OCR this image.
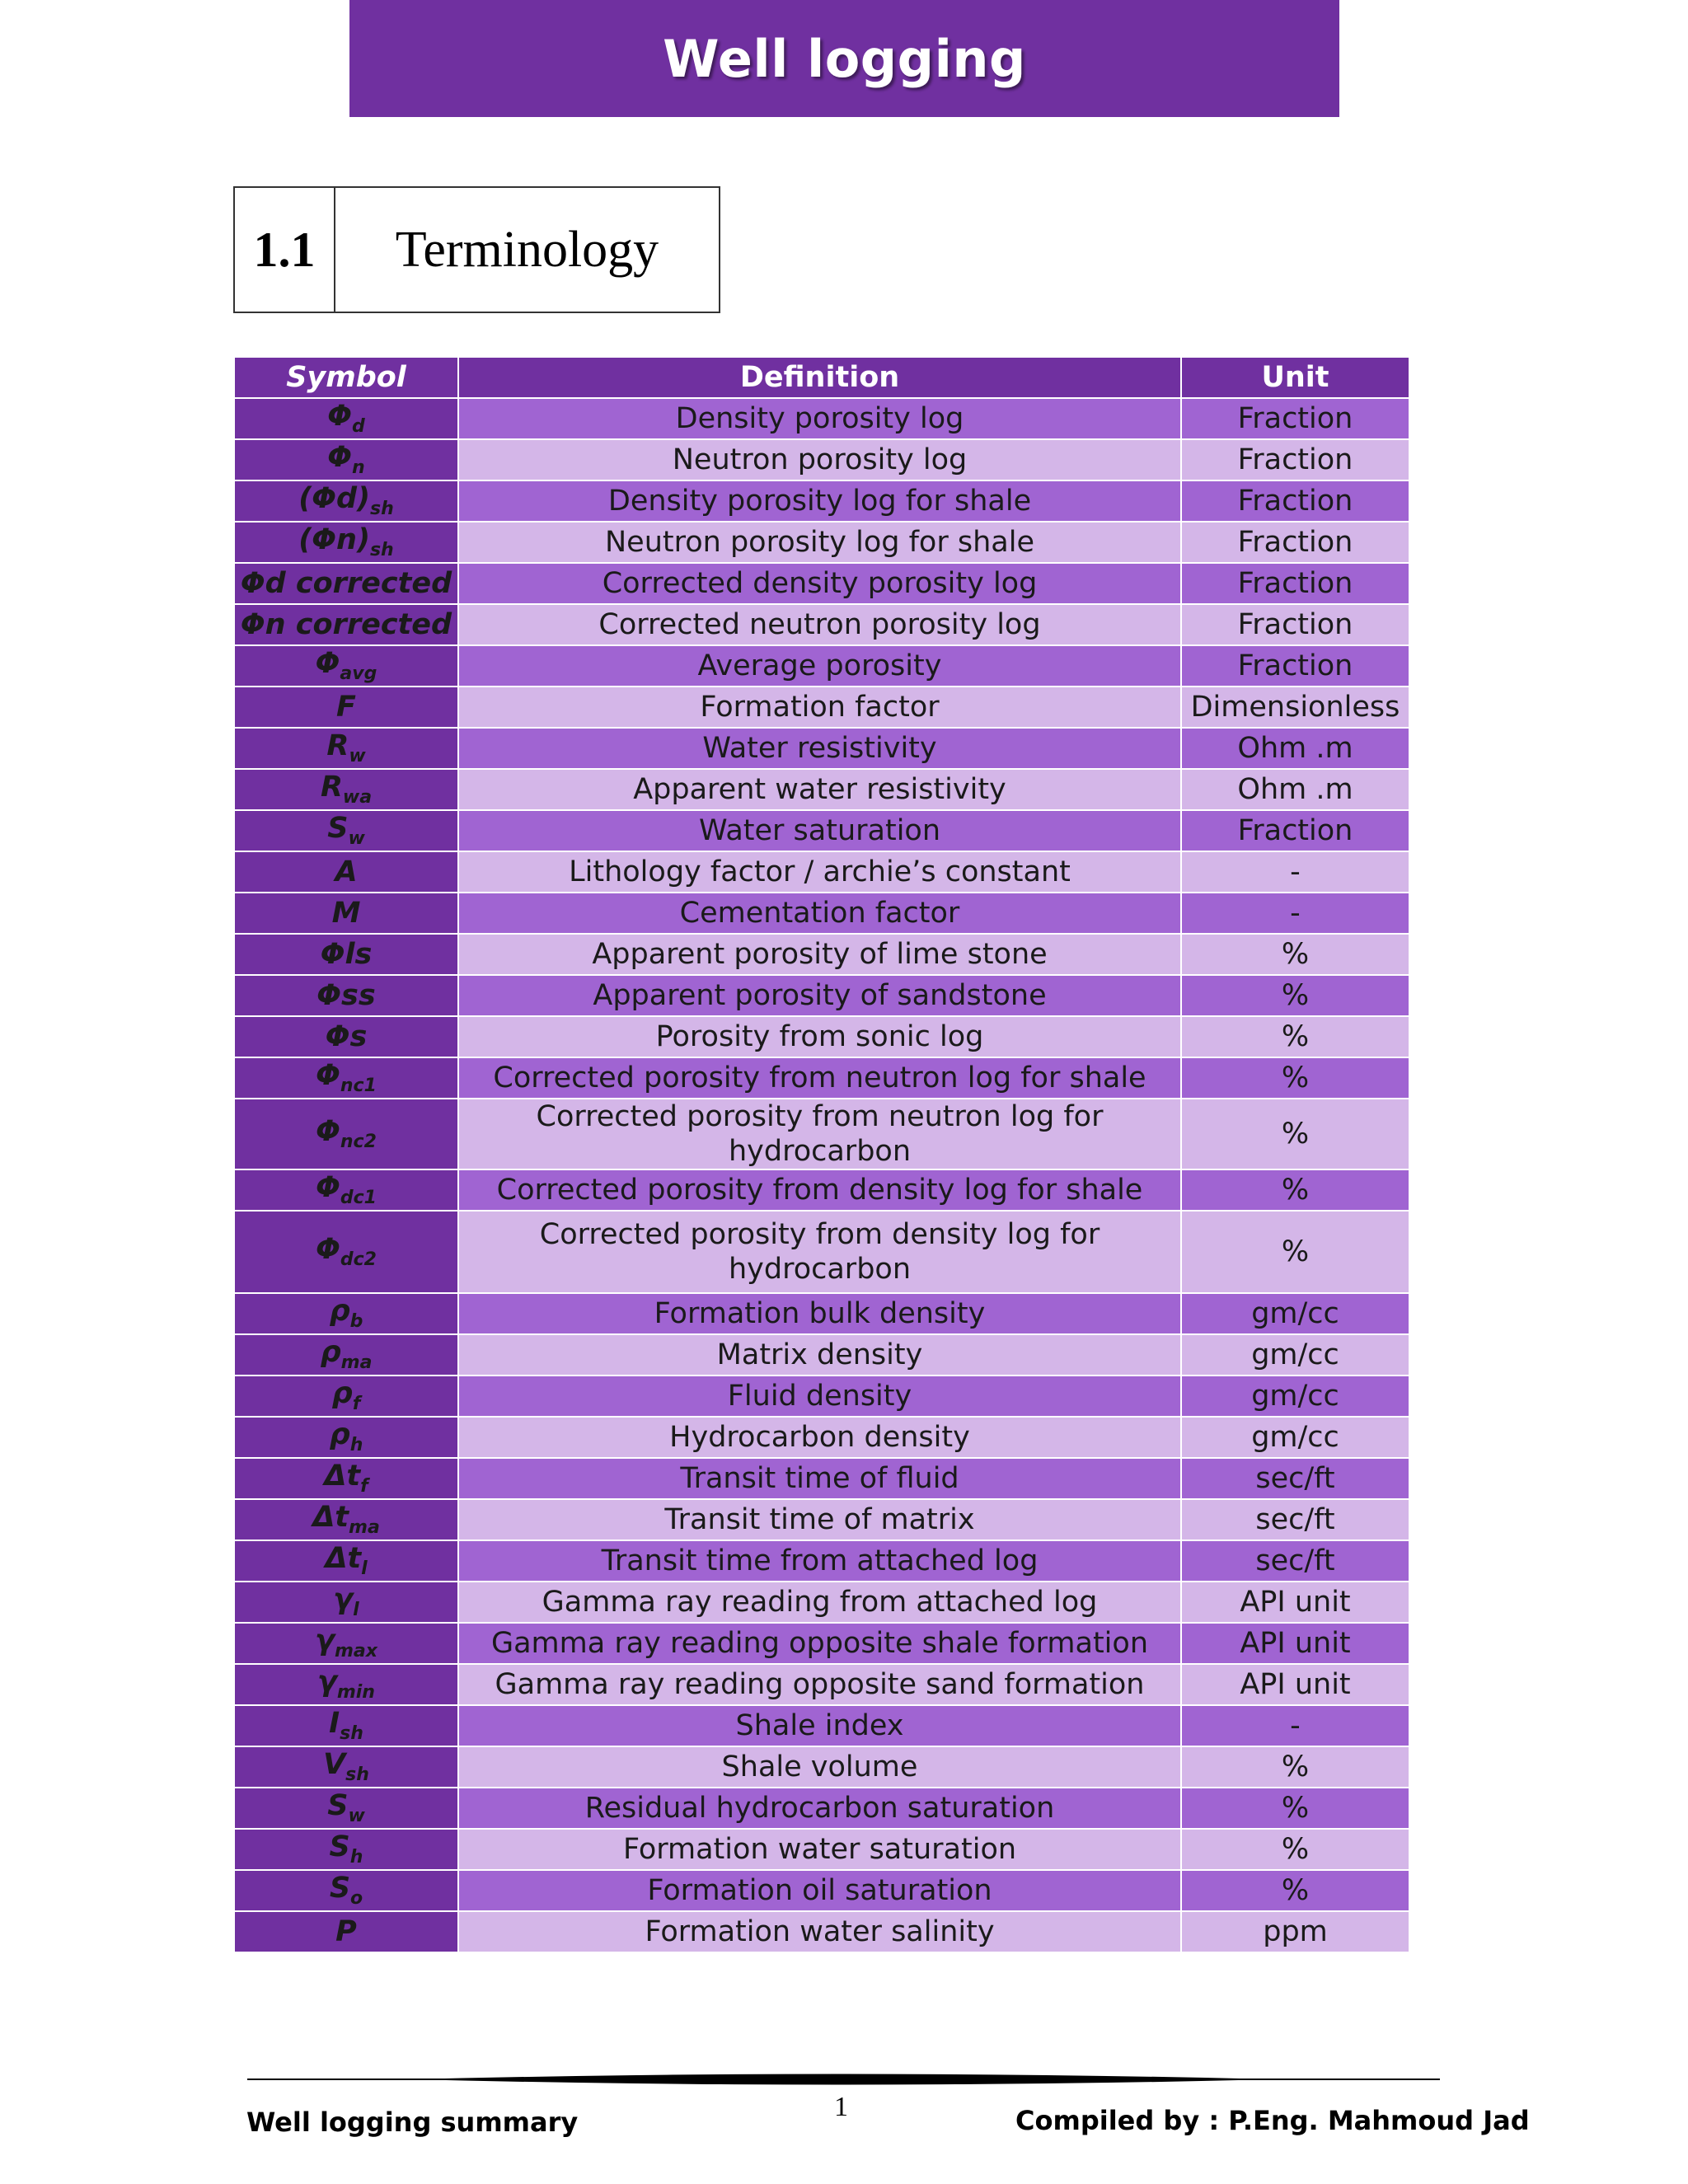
Well logging
1.1	Terminology
Symbol	Definition	Unit
$\Phi_d$	Density porosity log	Fraction
$\Phi_n$	Neutron porosity log	Fraction
$(\Phi d)_{sh}$	Density porosity log for shale	Fraction
$(\Phi n)_{sh}$	Neutron porosity log for shale	Fraction
Φd corrected	Corrected density porosity log	Fraction
Φn corrected	Corrected neutron porosity log	Fraction
$\Phi_{avg}$	Average porosity	Fraction
F	Formation factor	Dimensionless
$R_w$	Water resistivity	Ohm .m
$R_{wa}$	Apparent water resistivity	Ohm .m
$S_w$	Water saturation	Fraction
A	Lithology factor / archie’s constant	-
M	Cementation factor	-
Φls	Apparent porosity of lime stone	%
Φss	Apparent porosity of sandstone	%
Φs	Porosity from sonic log	%
$\Phi_{nc1}$	Corrected porosity from neutron log for shale	%
$\Phi_{nc2}$	Corrected porosity from neutron log for hydrocarbon	%
$\Phi_{dc1}$	Corrected porosity from density log for shale	%
$\Phi_{dc2}$	Corrected porosity from density log for hydrocarbon	%
$\rho_b$	Formation bulk density	gm/cc
$\rho_{ma}$	Matrix density	gm/cc
$\rho_f$	Fluid density	gm/cc
$\rho_h$	Hydrocarbon density	gm/cc
$\Delta t_f$	Transit time of fluid	sec/ft
$\Delta t_{ma}$	Transit time of matrix	sec/ft
$\Delta t_l$	Transit time from attached log	sec/ft
$\gamma_l$	Gamma ray reading from attached log	API unit
$\gamma_{max}$	Gamma ray reading opposite shale formation	API unit
$\gamma_{min}$	Gamma ray reading opposite sand formation	API unit
$I_{sh}$	Shale index	-
$V_{sh}$	Shale volume	%
$S_w$	Residual hydrocarbon saturation	%
$S_h$	Formation water saturation	%
$S_o$	Formation oil saturation	%
P	Formation water salinity	ppm
Well logging summary	1	Compiled by : P.Eng. Mahmoud Jad
